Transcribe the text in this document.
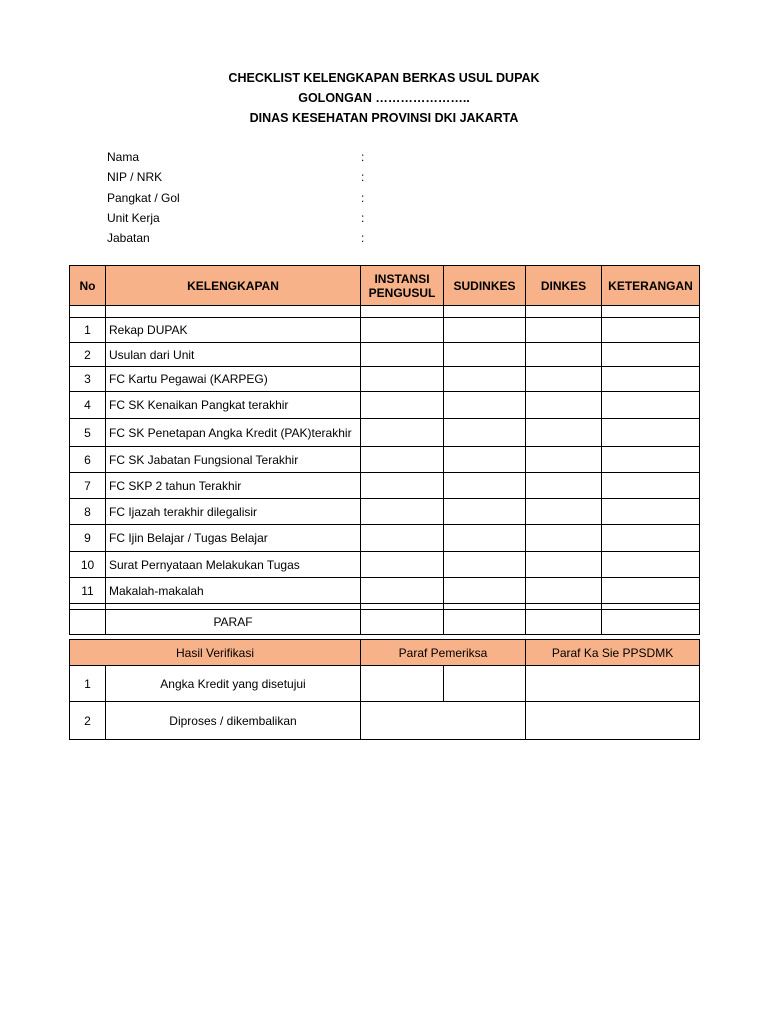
CHECKLIST KELENGKAPAN BERKAS USUL DUPAK
GOLONGAN …………………..
DINAS KESEHATAN PROVINSI DKI JAKARTA
Nama	:
NIP / NRK	:
Pangkat / Gol	:
Unit Kerja	:
Jabatan	:
No	KELENGKAPAN	INSTANSI
PENGUSUL	SUDINKES	DINKES	KETERANGAN

1	Rekap DUPAK				
2	Usulan dari Unit				
3	FC Kartu Pegawai (KARPEG)				
4	FC SK Kenaikan Pangkat terakhir				
5	FC SK Penetapan Angka Kredit (PAK)terakhir				
6	FC SK Jabatan Fungsional Terakhir				
7	FC SKP 2 tahun Terakhir				
8	FC Ijazah terakhir dilegalisir				
9	FC Ijin Belajar / Tugas Belajar				
10	Surat Pernyataan Melakukan Tugas				
11	Makalah-makalah				

	PARAF				
Hasil Verifikasi		Paraf Pemeriksa		Paraf Ka Sie PPSDMK
1	Angka Kredit yang disetujui			
2	Diproses / dikembalikan			
